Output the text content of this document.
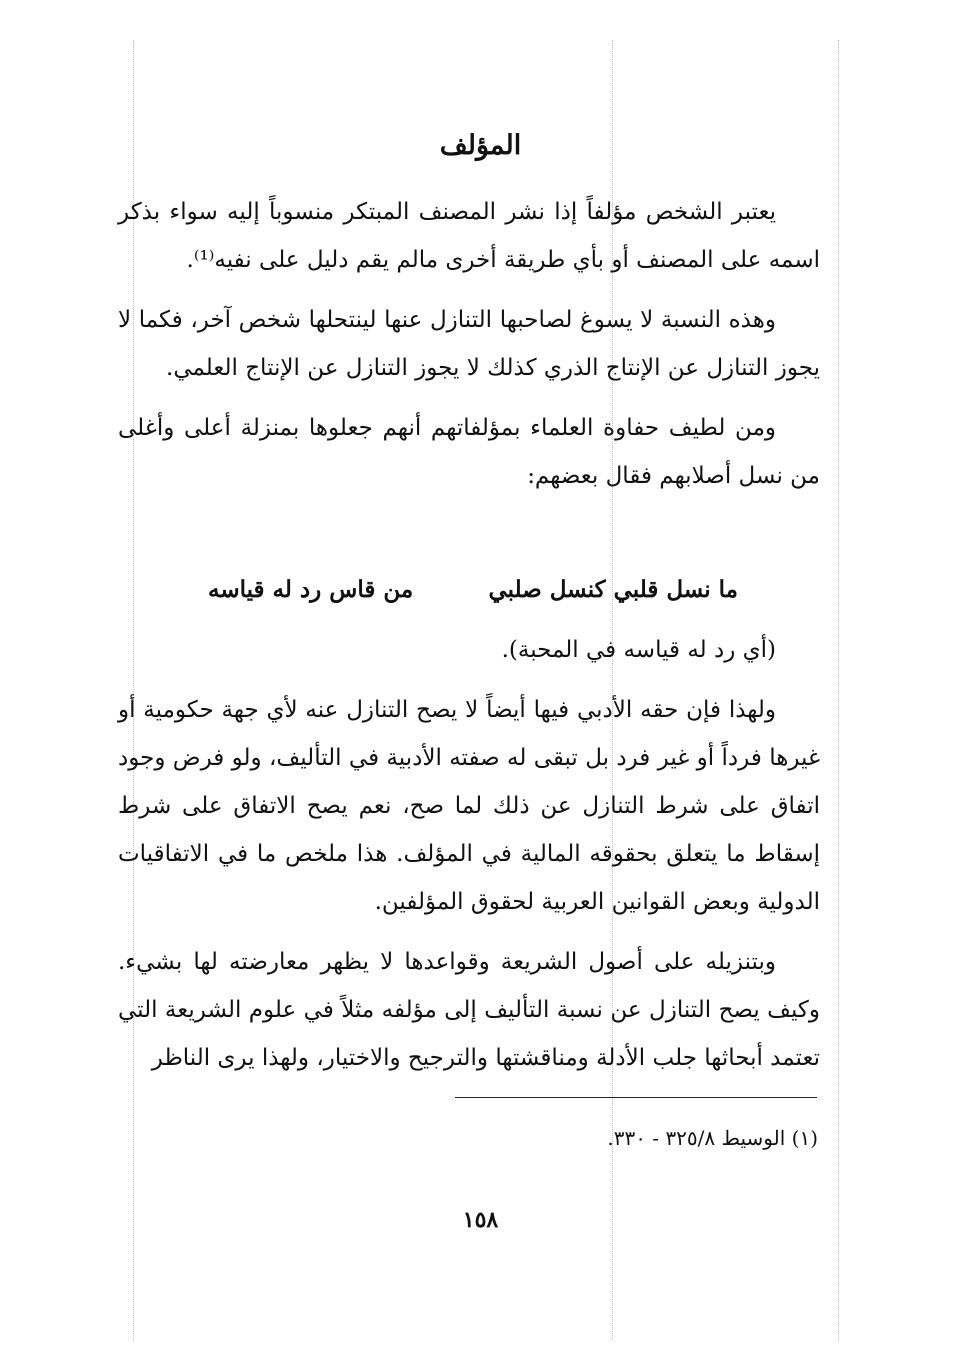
المؤلف

يعتبر الشخص مؤلفاً إذا نشر المصنف المبتكر منسوباً إليه سواء بذكر اسمه على المصنف أو بأي طريقة أخرى مالم يقم دليل على نفيه⁽¹⁾.

وهذه النسبة لا يسوغ لصاحبها التنازل عنها لينتحلها شخص آخر، فكما لا يجوز التنازل عن الإنتاج الذري كذلك لا يجوز التنازل عن الإنتاج العلمي.

ومن لطيف حفاوة العلماء بمؤلفاتهم أنهم جعلوها بمنزلة أعلى وأغلى من نسل أصلابهم فقال بعضهم:

ما نسل قلبي كنسل صلبي
من قاس رد له قياسه

(أي رد له قياسه في المحبة).

ولهذا فإن حقه الأدبي فيها أيضاً لا يصح التنازل عنه لأي جهة حكومية أو غيرها فرداً أو غير فرد بل تبقى له صفته الأدبية في التأليف، ولو فرض وجود اتفاق على شرط التنازل عن ذلك لما صح، نعم يصح الاتفاق على شرط إسقاط ما يتعلق بحقوقه المالية في المؤلف. هذا ملخص ما في الاتفاقيات الدولية وبعض القوانين العربية لحقوق المؤلفين.

وبتنزيله على أصول الشريعة وقواعدها لا يظهر معارضته لها بشيء. وكيف يصح التنازل عن نسبة التأليف إلى مؤلفه مثلاً في علوم الشريعة التي تعتمد أبحاثها جلب الأدلة ومناقشتها والترجيح والاختيار، ولهذا يرى الناظر

(١) الوسيط ٣٢٥/٨ - ٣٣٠.
١٥٨
